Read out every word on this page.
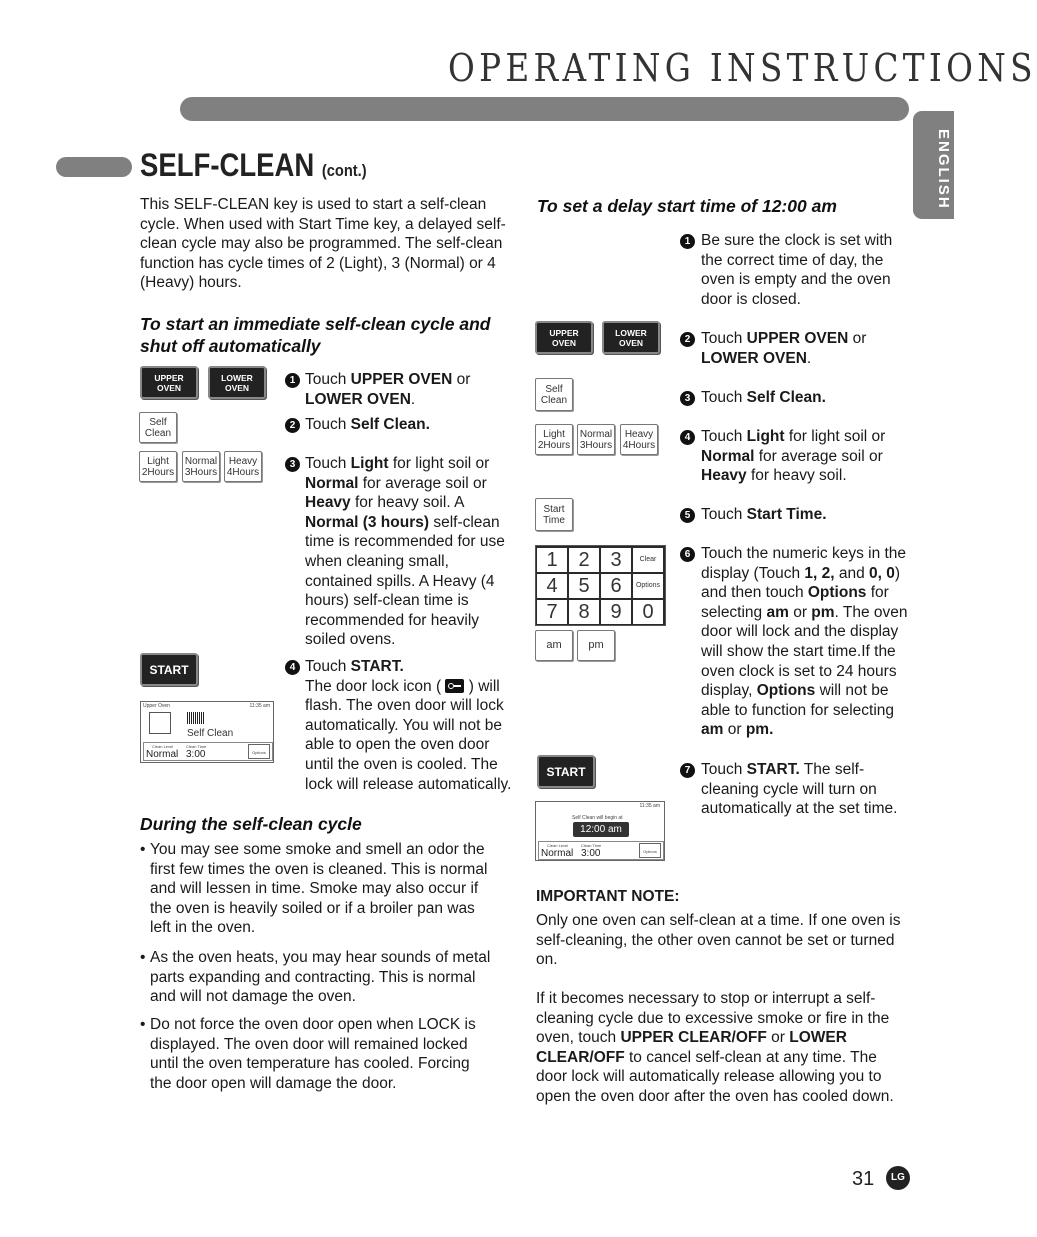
OPERATING INSTRUCTIONS
ENGLISH
SELF-CLEAN (cont.)
This SELF-CLEAN key is used to start a self-clean cycle. When used with Start Time key, a delayed self-clean cycle may also be programmed. The self-clean function has cycle times of 2 (Light), 3 (Normal) or 4 (Heavy) hours.
To start an immediate self-clean cycle and
shut off automatically
UPPER
OVEN
LOWER
OVEN
Self
Clean
Light
2Hours
Normal
3Hours
Heavy
4Hours
START
Upper Oven	11:35 am
Self Clean
Clean Level	Clean Time
Normal 3:00	Options
1 Touch UPPER OVEN or
LOWER OVEN.
2 Touch Self Clean.
3 Touch Light for light soil or
Normal for average soil or
Heavy for heavy soil. A
Normal (3 hours) self-clean
time is recommended for use
when cleaning small,
contained spills. A Heavy (4
hours) self-clean time is
recommended for heavily
soiled ovens.
4 Touch START.
The door lock icon ( ) will
flash. The oven door will lock
automatically. You will not be
able to open the oven door
until the oven is cooled. The
lock will release automatically.
During the self-clean cycle
• You may see some smoke and smell an odor the
first few times the oven is cleaned. This is normal
and will lessen in time. Smoke may also occur if
the oven is heavily soiled or if a broiler pan was
left in the oven.
• As the oven heats, you may hear sounds of metal
parts expanding and contracting. This is normal
and will not damage the oven.
• Do not force the oven door open when LOCK is
displayed. The oven door will remained locked
until the oven temperature has cooled. Forcing
the door open will damage the door.
To set a delay start time of 12:00 am
UPPER
OVEN
LOWER
OVEN
Self
Clean
Light
2Hours
Normal
3Hours
Heavy
4Hours
Start
Time
1	2	3	Clear
4	5	6	Options
7	8	9	0
am	pm
START
11:35 am
Self Clean will begin at
12:00 am
Clean Level	Clean Time
Normal 3:00	Options
1 Be sure the clock is set with
the correct time of day, the
oven is empty and the oven
door is closed.
2 Touch UPPER OVEN or
LOWER OVEN.
3 Touch Self Clean.
4 Touch Light for light soil or
Normal for average soil or
Heavy for heavy soil.
5 Touch Start Time.
6 Touch the numeric keys in the
display (Touch 1, 2, and 0, 0)
and then touch Options for
selecting am or pm. The oven
door will lock and the display
will show the start time.If the
oven clock is set to 24 hours
display, Options will not be
able to function for selecting
am or pm.
7 Touch START. The self-
cleaning cycle will turn on
automatically at the set time.
IMPORTANT NOTE:
Only one oven can self-clean at a time. If one oven is
self-cleaning, the other oven cannot be set or turned
on.
If it becomes necessary to stop or interrupt a self-
cleaning cycle due to excessive smoke or fire in the
oven, touch UPPER CLEAR/OFF or LOWER
CLEAR/OFF to cancel self-clean at any time. The
door lock will automatically release allowing you to
open the oven door after the oven has cooled down.
31	LG
